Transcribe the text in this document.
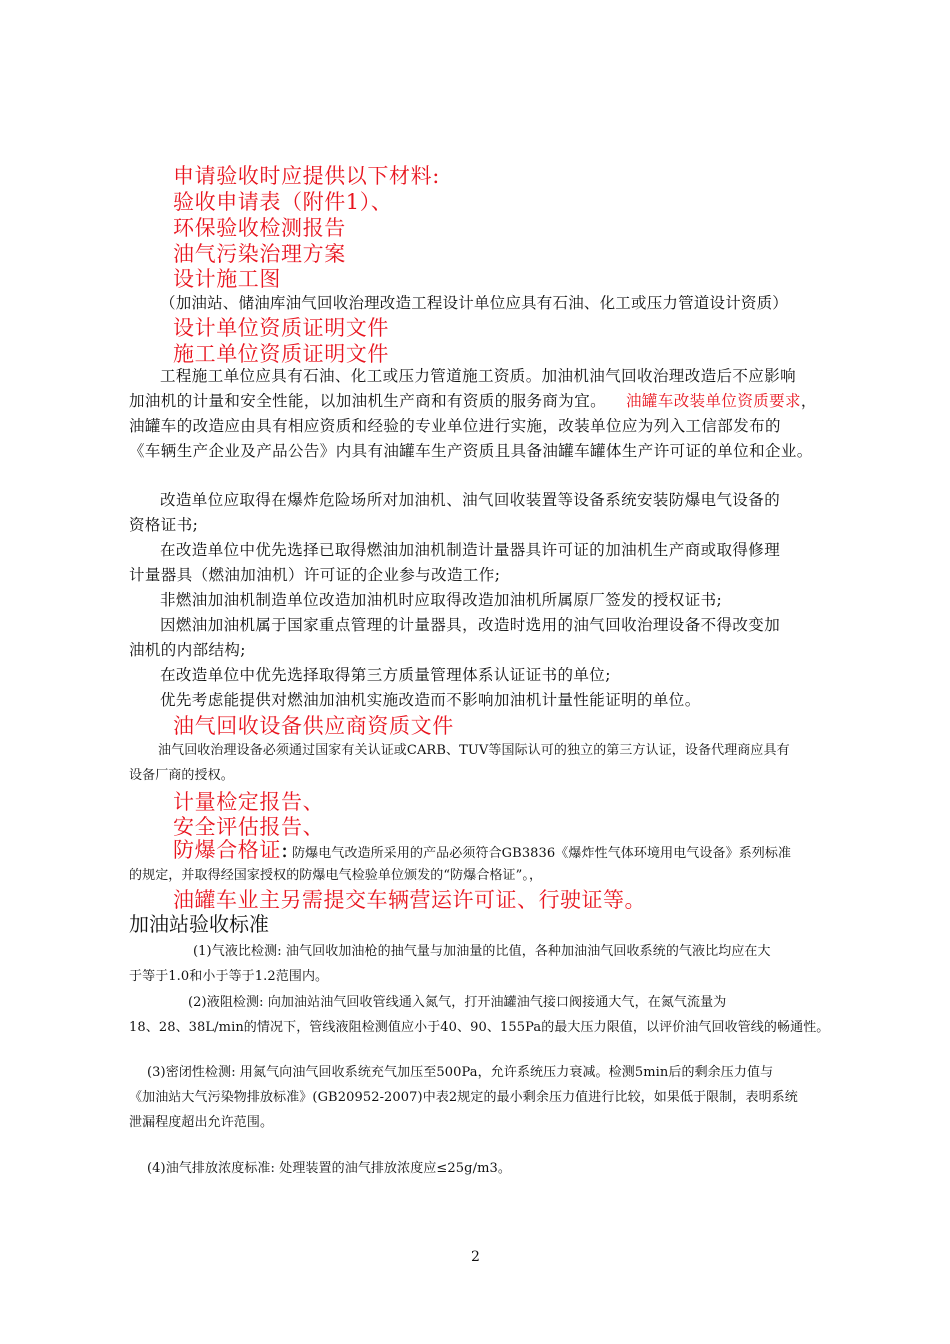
申请验收时应提供以下材料:
验收申请表（附件1）、
环保验收检测报告
油气污染治理方案
设计施工图
（加油站、储油库油气回收治理改造工程设计单位应具有石油、化工或压力管道设计资质）
设计单位资质证明文件
施工单位资质证明文件
工程施工单位应具有石油、化工或压力管道施工资质。加油机油气回收治理改造后不应影响
加油机的计量和安全性能，以加油机生产商和有资质的服务商为宜。 油罐车改装单位资质要求，
油罐车的改造应由具有相应资质和经验的专业单位进行实施，改装单位应为列入工信部发布的
《车辆生产企业及产品公告》内具有油罐车生产资质且具备油罐车罐体生产许可证的单位和企业。
改造单位应取得在爆炸危险场所对加油机、油气回收装置等设备系统安装防爆电气设备的
资格证书;
在改造单位中优先选择已取得燃油加油机制造计量器具许可证的加油机生产商或取得修理
计量器具（燃油加油机）许可证的企业参与改造工作;
非燃油加油机制造单位改造加油机时应取得改造加油机所属原厂签发的授权证书;
因燃油加油机属于国家重点管理的计量器具，改造时选用的油气回收治理设备不得改变加
油机的内部结构;
在改造单位中优先选择取得第三方质量管理体系认证证书的单位;
优先考虑能提供对燃油加油机实施改造而不影响加油机计量性能证明的单位。
油气回收设备供应商资质文件
油气回收治理设备必须通过国家有关认证或CARB、TUV等国际认可的独立的第三方认证，设备代理商应具有
设备厂商的授权。
计量检定报告、
安全评估报告、
防爆合格证: 防爆电气改造所采用的产品必须符合GB3836《爆炸性气体环境用电气设备》系列标准
的规定，并取得经国家授权的防爆电气检验单位颁发的“防爆合格证”。，
油罐车业主另需提交车辆营运许可证、行驶证等。
加油站验收标准
(1)气液比检测: 油气回收加油枪的抽气量与加油量的比值，各种加油油气回收系统的气液比均应在大
于等于1.0和小于等于1.2范围内。
(2)液阻检测: 向加油站油气回收管线通入氮气，打开油罐油气接口阀接通大气，在氮气流量为
18、28、38L/min的情况下，管线液阻检测值应小于40、90、155Pa的最大压力限值，以评价油气回收管线的畅通性。
(3)密闭性检测: 用氮气向油气回收系统充气加压至500Pa，允许系统压力衰减。检测5min后的剩余压力值与
《加油站大气污染物排放标准》(GB20952-2007)中表2规定的最小剩余压力值进行比较，如果低于限制，表明系统
泄漏程度超出允许范围。
(4)油气排放浓度标准: 处理装置的油气排放浓度应≤25g/m3。
2
